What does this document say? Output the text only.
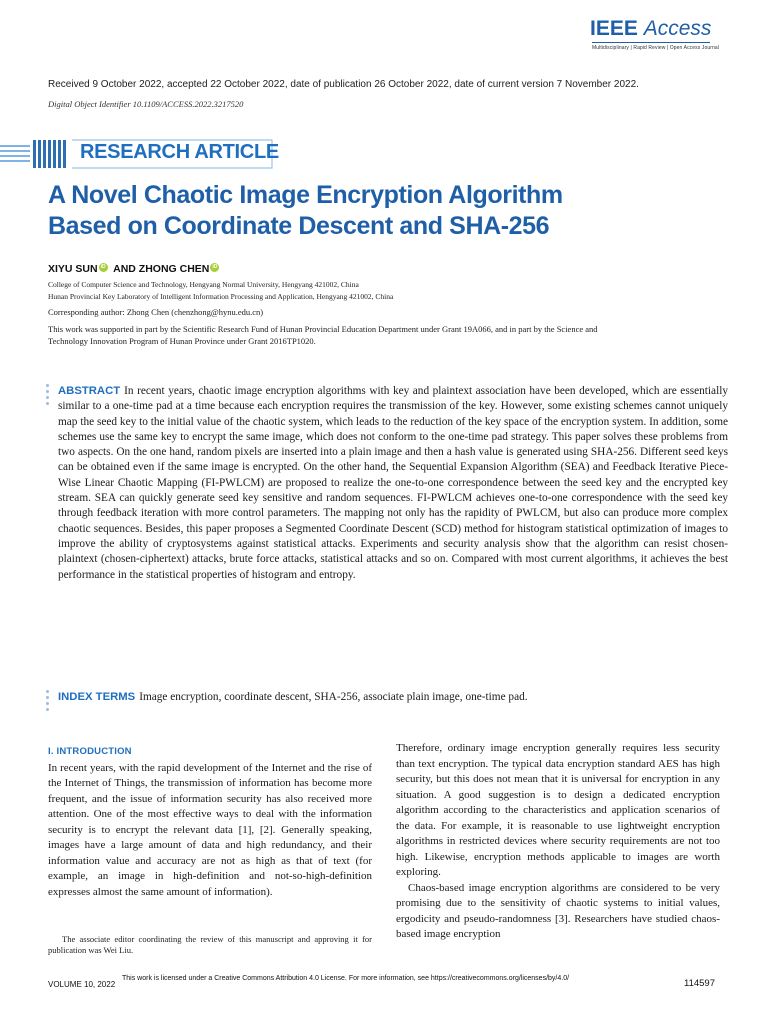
IEEE Access
Multidisciplinary | Rapid Review | Open Access Journal
Received 9 October 2022, accepted 22 October 2022, date of publication 26 October 2022, date of current version 7 November 2022.
Digital Object Identifier 10.1109/ACCESS.2022.3217520
RESEARCH ARTICLE
A Novel Chaotic Image Encryption Algorithm Based on Coordinate Descent and SHA-256
XIYU SUN iD AND ZHONG CHEN iD
College of Computer Science and Technology, Hengyang Normal University, Hengyang 421002, China
Hunan Provincial Key Laboratory of Intelligent Information Processing and Application, Hengyang 421002, China
Corresponding author: Zhong Chen (chenzhong@hynu.edu.cn)
This work was supported in part by the Scientific Research Fund of Hunan Provincial Education Department under Grant 19A066, and in part by the Science and Technology Innovation Program of Hunan Province under Grant 2016TP1020.
ABSTRACT In recent years, chaotic image encryption algorithms with key and plaintext association have been developed, which are essentially similar to a one-time pad at a time because each encryption requires the transmission of the key. However, some existing schemes cannot uniquely map the seed key to the initial value of the chaotic system, which leads to the reduction of the key space of the encryption system. In addition, some schemes use the same key to encrypt the same image, which does not conform to the one-time pad strategy. This paper solves these problems from two aspects. On the one hand, random pixels are inserted into a plain image and then a hash value is generated using SHA-256. Different seed keys can be obtained even if the same image is encrypted. On the other hand, the Sequential Expansion Algorithm (SEA) and Feedback Iterative Piece-Wise Linear Chaotic Mapping (FI-PWLCM) are proposed to realize the one-to-one correspondence between the seed key and the encrypted key stream. SEA can quickly generate seed key sensitive and random sequences. FI-PWLCM achieves one-to-one correspondence with the seed key through feedback iteration with more control parameters. The mapping not only has the rapidity of PWLCM, but also can produce more complex chaotic sequences. Besides, this paper proposes a Segmented Coordinate Descent (SCD) method for histogram statistical optimization of images to improve the ability of cryptosystems against statistical attacks. Experiments and security analysis show that the algorithm can resist chosen-plaintext (chosen-ciphertext) attacks, brute force attacks, statistical attacks and so on. Compared with most current algorithms, it achieves the best performance in the statistical properties of histogram and entropy.
INDEX TERMS Image encryption, coordinate descent, SHA-256, associate plain image, one-time pad.
I. INTRODUCTION

In recent years, with the rapid development of the Internet and the rise of the Internet of Things, the transmission of information has become more frequent, and the issue of information security has also received more attention. One of the most effective ways to deal with the information security is to encrypt the relevant data [1], [2]. Generally speaking, images have a large amount of data and high redundancy, and their information value and accuracy are not as high as that of text (for example, an image in high-definition and not-so-high-definition expresses almost the same amount of information).

Therefore, ordinary image encryption generally requires less security than text encryption. The typical data encryption standard AES has high security, but this does not mean that it is universal for encryption in any situation. A good suggestion is to design a dedicated encryption algorithm according to the characteristics and application scenarios of the data. For example, it is reasonable to use lightweight encryption algorithms in restricted devices where security requirements are not too high. Likewise, encryption methods applicable to images are worth exploring.

Chaos-based image encryption algorithms are considered to be very promising due to the sensitivity of chaotic systems to initial values, ergodicity and pseudo-randomness [3]. Researchers have studied chaos-based image encryption

The associate editor coordinating the review of this manuscript and approving it for publication was Wei Liu.
VOLUME 10, 2022
This work is licensed under a Creative Commons Attribution 4.0 License. For more information, see https://creativecommons.org/licenses/by/4.0/	114597
